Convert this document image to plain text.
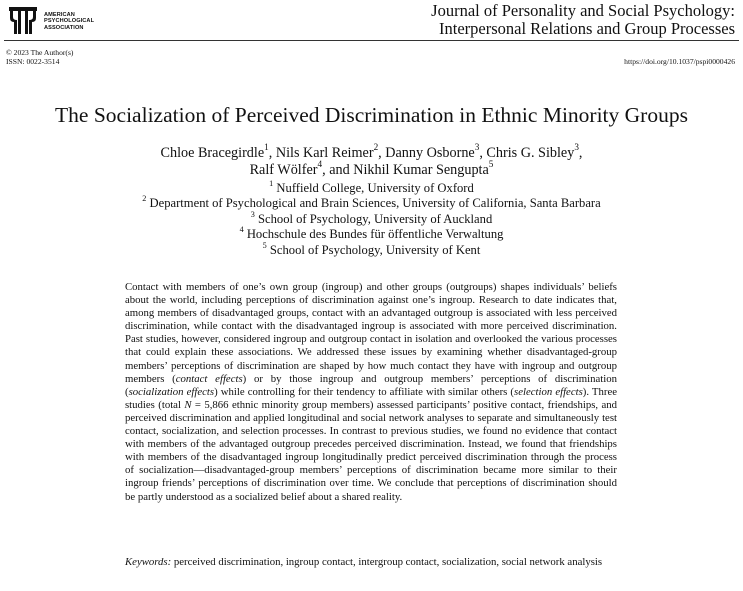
AMERICAN
PSYCHOLOGICAL
ASSOCIATION
Journal of Personality and Social Psychology:
Interpersonal Relations and Group Processes
© 2023 The Author(s)
ISSN: 0022-3514	https://doi.org/10.1037/pspi0000426
The Socialization of Perceived Discrimination in Ethnic Minority Groups
Chloe Bracegirdle$^1$, Nils Karl Reimer$^2$, Danny Osborne$^3$, Chris G. Sibley$^3$,
Ralf Wölfer$^4$, and Nikhil Kumar Sengupta$^5$
$^1$ Nuffield College, University of Oxford
$^2$ Department of Psychological and Brain Sciences, University of California, Santa Barbara
$^3$ School of Psychology, University of Auckland
$^4$ Hochschule des Bundes für öffentliche Verwaltung
$^5$ School of Psychology, University of Kent
Contact with members of one’s own group (ingroup) and other groups (outgroups) shapes individuals’ beliefs about the world, including perceptions of discrimination against one’s ingroup. Research to date indicates that, among members of disadvantaged groups, contact with an advantaged outgroup is associated with less perceived discrimination, while contact with the disadvantaged ingroup is associated with more perceived discrimination. Past studies, however, considered ingroup and outgroup contact in isolation and overlooked the various processes that could explain these associations. We addressed these issues by examining whether disadvantaged-group members’ perceptions of discrimination are shaped by how much contact they have with ingroup and outgroup members (contact effects) or by those ingroup and outgroup members’ perceptions of discrimination (socialization effects) while controlling for their tendency to affiliate with similar others (selection effects). Three studies (total N = 5,866 ethnic minority group members) assessed participants’ positive contact, friendships, and perceived discrimination and applied longitudinal and social network analyses to separate and simultaneously test contact, socialization, and selection processes. In contrast to previous studies, we found no evidence that contact with members of the advantaged outgroup precedes perceived discrimination. Instead, we found that friendships with members of the disadvantaged ingroup longitudinally predict perceived discrimination through the process of socialization—disadvantaged-group members’ perceptions of discrimination became more similar to their ingroup friends’ perceptions of discrimination over time. We conclude that perceptions of discrimination should be partly understood as a socialized belief about a shared reality.
Keywords: perceived discrimination, ingroup contact, intergroup contact, socialization, social network analysis
